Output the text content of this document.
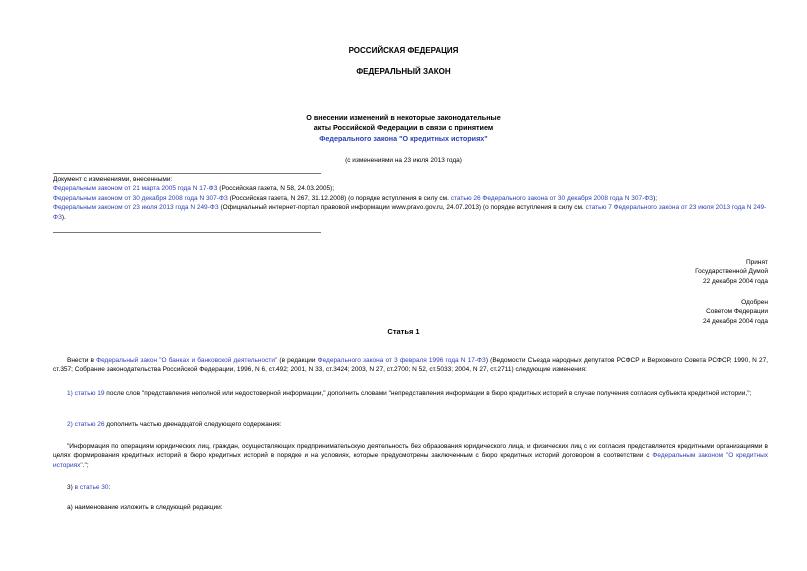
РОССИЙСКАЯ ФЕДЕРАЦИЯ
ФЕДЕРАЛЬНЫЙ ЗАКОН
О внесении изменений в некоторые законодательные
акты Российской Федерации в связи с принятием
Федерального закона "О кредитных историях"
(с изменениями на 23 июля 2013 года)
Документ с изменениями, внесенными:
Федеральным законом от 21 марта 2005 года N 17-ФЗ (Российская газета, N 58, 24.03.2005);
Федеральным законом от 30 декабря 2008 года N 307-ФЗ (Российская газета, N 267, 31.12.2008) (о порядке вступления в силу см. статью 26 Федерального закона от 30 декабря 2008 года N 307-ФЗ);
Федеральным законом от 23 июля 2013 года N 249-ФЗ (Официальный интернет-портал правовой информации www.pravo.gov.ru, 24.07.2013) (о порядке вступления в силу см. статью 7 Федерального закона от 23 июля 2013 года N 249-ФЗ).
Принят
Государственной Думой
22 декабря 2004 года
Одобрен
Советом Федерации
24 декабря 2004 года
Статья 1
Внести в Федеральный закон "О банках и банковской деятельности" (в редакции Федерального закона от 3 февраля 1996 года N 17-ФЗ) (Ведомости Съезда народных депутатов РСФСР и Верховного Совета РСФСР, 1990, N 27, ст.357; Собрание законодательства Российской Федерации, 1996, N 6, ст.492; 2001, N 33, ст.3424; 2003, N 27, ст.2700; N 52, ст.5033; 2004, N 27, ст.2711) следующие изменения:
1) статью 19 после слов "представления неполной или недостоверной информации," дополнить словами "непредставления информации в бюро кредитных историй в случае получения согласия субъекта кредитной истории,";
2) статью 26 дополнить частью двенадцатой следующего содержания:
"Информация по операциям юридических лиц, граждан, осуществляющих предпринимательскую деятельность без образования юридического лица, и физических лиц с их согласия представляется кредитными организациями в целях формирования кредитных историй в бюро кредитных историй в порядке и на условиях, которые предусмотрены заключенным с бюро кредитных историй договором в соответствии с Федеральным законом "О кредитных историях".";
3) в статье 30:
а) наименование изложить в следующей редакции:
